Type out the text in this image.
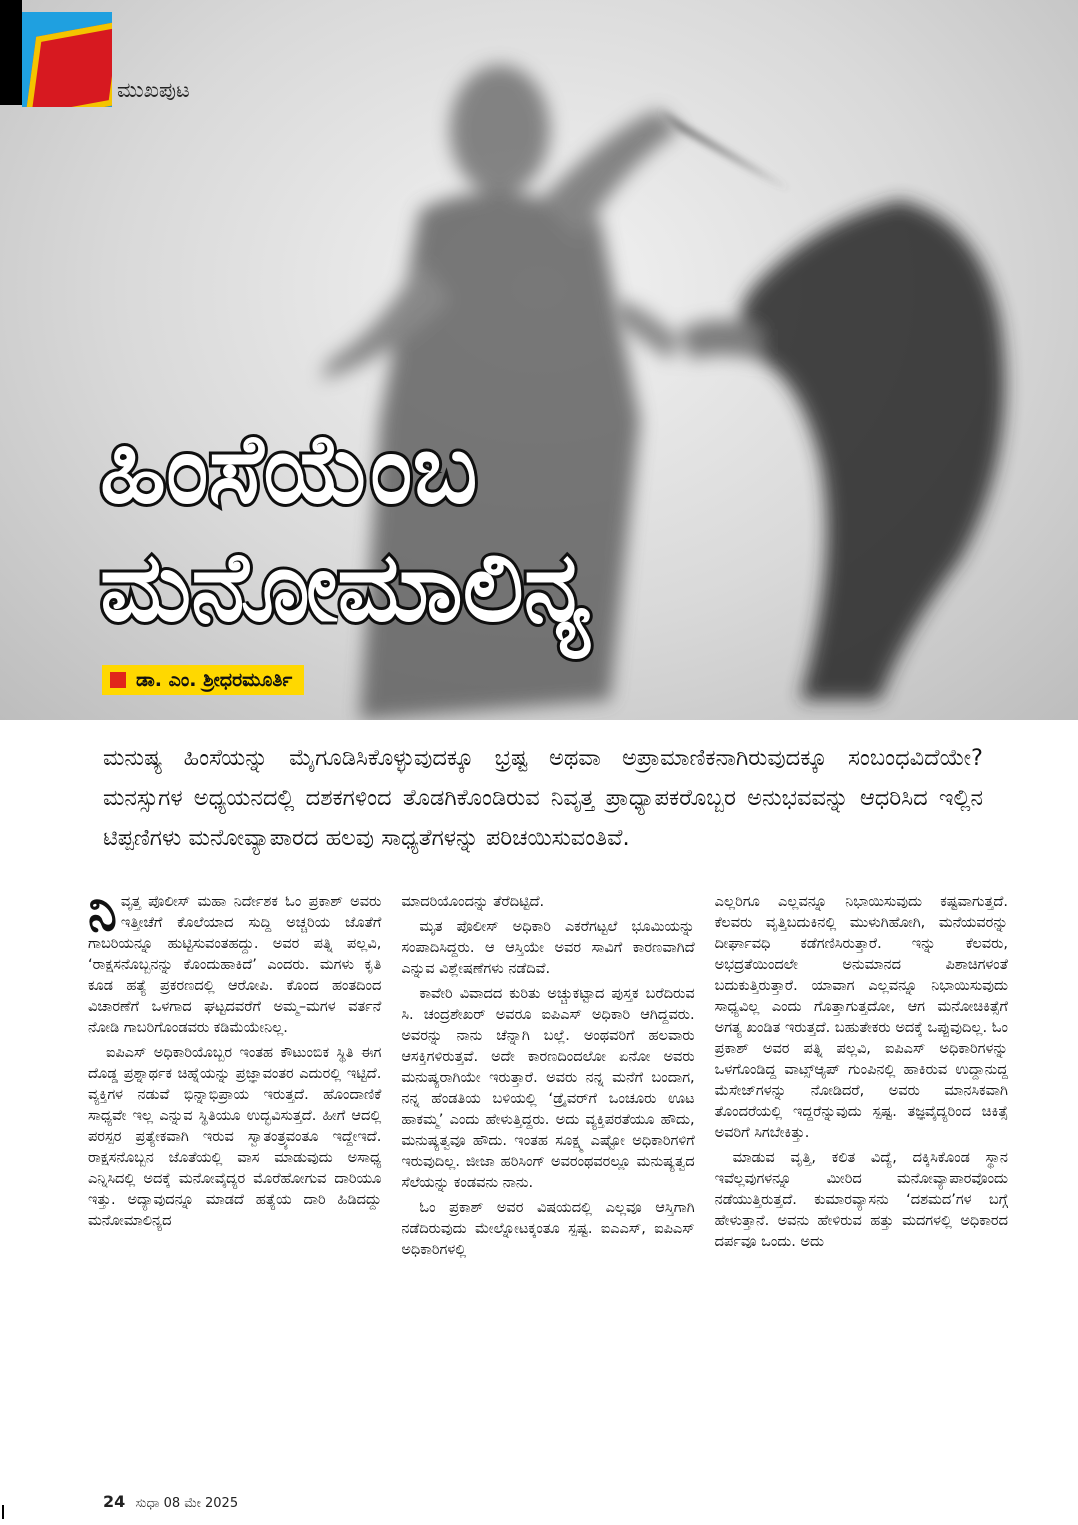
ಮುಖಪುಟ
ಹಿಂಸೆಯೆಂಬ
ಮನೋಮಾಲಿನ್ಯ
ಡಾ. ಎಂ. ಶ್ರೀಧರಮೂರ್ತಿ

ಮನುಷ್ಯ ಹಿಂಸೆಯನ್ನು ಮೈಗೂಡಿಸಿಕೊಳ್ಳುವುದಕ್ಕೂ ಭ್ರಷ್ಟ ಅಥವಾ ಅಪ್ರಾಮಾಣಿಕನಾಗಿರುವುದಕ್ಕೂ ಸಂಬಂಧವಿದೆಯೇ? ಮನಸ್ಸುಗಳ ಅಧ್ಯಯನದಲ್ಲಿ ದಶಕಗಳಿಂದ ತೊಡಗಿಕೊಂಡಿರುವ ನಿವೃತ್ತ ಪ್ರಾಧ್ಯಾಪಕರೊಬ್ಬರ ಅನುಭವವನ್ನು ಆಧರಿಸಿದ ಇಲ್ಲಿನ ಟಿಪ್ಪಣಿಗಳು ಮನೋವ್ಯಾಪಾರದ ಹಲವು ಸಾಧ್ಯತೆಗಳನ್ನು ಪರಿಚಯಿಸುವಂತಿವೆ.

ನಿವೃತ್ತ ಪೊಲೀಸ್ ಮಹಾ ನಿರ್ದೇಶಕ ಓಂ ಪ್ರಕಾಶ್ ಅವರು ಇತ್ತೀಚೆಗೆ ಕೊಲೆಯಾದ ಸುದ್ದಿ ಅಚ್ಚರಿಯ ಜೊತೆಗೆ ಗಾಬರಿಯನ್ನೂ ಹುಟ್ಟಿಸುವಂತಹದ್ದು. ಅವರ ಪತ್ನಿ ಪಲ್ಲವಿ, ‘ರಾಕ್ಷಸನೊಬ್ಬನನ್ನು ಕೊಂದುಹಾಕಿದೆ’ ಎಂದರು. ಮಗಳು ಕೃತಿ ಕೂಡ ಹತ್ಯೆ ಪ್ರಕರಣದಲ್ಲಿ ಆರೋಪಿ. ಕೊಂದ ಹಂತದಿಂದ ವಿಚಾರಣೆಗೆ ಒಳಗಾದ ಘಟ್ಟದವರೆಗೆ ಅಮ್ಮ–ಮಗಳ ವರ್ತನೆ ನೋಡಿ ಗಾಬರಿಗೊಂಡವರು ಕಡಿಮೆಯೇನಿಲ್ಲ.

ಐಪಿಎಸ್ ಅಧಿಕಾರಿಯೊಬ್ಬರ ಇಂತಹ ಕೌಟುಂಬಿಕ ಸ್ಥಿತಿ ಈಗ ದೊಡ್ಡ ಪ್ರಶ್ನಾರ್ಥಕ ಚಿಹ್ನೆಯನ್ನು ಪ್ರಜ್ಞಾವಂತರ ಎದುರಲ್ಲಿ ಇಟ್ಟಿದೆ. ವ್ಯಕ್ತಿಗಳ ನಡುವೆ ಭಿನ್ನಾಭಿಪ್ರಾಯ ಇರುತ್ತದೆ. ಹೊಂದಾಣಿಕೆ ಸಾಧ್ಯವೇ ಇಲ್ಲ ಎನ್ನುವ ಸ್ಥಿತಿಯೂ ಉದ್ಭವಿಸುತ್ತದೆ. ಹೀಗೆ ಆದಲ್ಲಿ ಪರಸ್ಪರ ಪ್ರತ್ಯೇಕವಾಗಿ ಇರುವ ಸ್ವಾತಂತ್ರ್ಯವಂತೂ ಇದ್ದೇಇದೆ. ರಾಕ್ಷಸನೊಬ್ಬನ ಜೊತೆಯಲ್ಲಿ ವಾಸ ಮಾಡುವುದು ಅಸಾಧ್ಯ ಎನ್ನಿಸಿದಲ್ಲಿ ಅದಕ್ಕೆ ಮನೋವೈದ್ಯರ ಮೊರೆಹೋಗುವ ದಾರಿಯೂ ಇತ್ತು. ಅದ್ಯಾವುದನ್ನೂ ಮಾಡದೆ ಹತ್ಯೆಯ ದಾರಿ ಹಿಡಿದದ್ದು ಮನೋಮಾಲಿನ್ಯದ

ಮಾದರಿಯೊಂದನ್ನು ತೆರೆದಿಟ್ಟಿದೆ.

ಮೃತ ಪೊಲೀಸ್ ಅಧಿಕಾರಿ ಎಕರೆಗಟ್ಟಲೆ ಭೂಮಿಯನ್ನು ಸಂಪಾದಿಸಿದ್ದರು. ಆ ಆಸ್ತಿಯೇ ಅವರ ಸಾವಿಗೆ ಕಾರಣವಾಗಿದೆ ಎನ್ನುವ ವಿಶ್ಲೇಷಣೆಗಳು ನಡೆದಿವೆ.

ಕಾವೇರಿ ವಿವಾದದ ಕುರಿತು ಅಚ್ಚುಕಟ್ಟಾದ ಪುಸ್ತಕ ಬರೆದಿರುವ ಸಿ. ಚಂದ್ರಶೇಖರ್ ಅವರೂ ಐಪಿಎಸ್ ಅಧಿಕಾರಿ ಆಗಿದ್ದವರು. ಅವರನ್ನು ನಾನು ಚೆನ್ನಾಗಿ ಬಲ್ಲೆ. ಅಂಥವರಿಗೆ ಹಲವಾರು ಆಸಕ್ತಿಗಳಿರುತ್ತವೆ. ಅದೇ ಕಾರಣದಿಂದಲೋ ಏನೋ ಅವರು ಮನುಷ್ಯರಾಗಿಯೇ ಇರುತ್ತಾರೆ. ಅವರು ನನ್ನ ಮನೆಗೆ ಬಂದಾಗ, ನನ್ನ ಹೆಂಡತಿಯ ಬಳಿಯಲ್ಲಿ ‘ಡ್ರೈವರ್‌ಗೆ ಒಂಚೂರು ಊಟ ಹಾಕಮ್ಮ’ ಎಂದು ಹೇಳುತ್ತಿದ್ದರು. ಅದು ವ್ಯಕ್ತಿಪರತೆಯೂ ಹೌದು, ಮನುಷ್ಯತ್ವವೂ ಹೌದು. ಇಂತಹ ಸೂಕ್ಷ್ಮ ಎಷ್ಟೋ ಅಧಿಕಾರಿಗಳಿಗೆ ಇರುವುದಿಲ್ಲ. ಜೀಜಾ ಹರಿಸಿಂಗ್ ಅವರಂಥವರಲ್ಲೂ ಮನುಷ್ಯತ್ವದ ಸೆಲೆಯನ್ನು ಕಂಡವನು ನಾನು.

ಓಂ ಪ್ರಕಾಶ್ ಅವರ ವಿಷಯದಲ್ಲಿ ಎಲ್ಲವೂ ಆಸ್ತಿಗಾಗಿ ನಡೆದಿರುವುದು ಮೇಲ್ನೋಟಕ್ಕಂತೂ ಸ್ಪಷ್ಟ. ಐಎಎಸ್, ಐಪಿಎಸ್ ಅಧಿಕಾರಿಗಳಲ್ಲಿ

ಎಲ್ಲರಿಗೂ ಎಲ್ಲವನ್ನೂ ನಿಭಾಯಿಸುವುದು ಕಷ್ಟವಾಗುತ್ತದೆ. ಕೆಲವರು ವೃತ್ತಿಬದುಕಿನಲ್ಲಿ ಮುಳುಗಿಹೋಗಿ, ಮನೆಯವರನ್ನು ದೀರ್ಘಾವಧಿ ಕಡೆಗಣಿಸಿರುತ್ತಾರೆ. ಇನ್ನು ಕೆಲವರು, ಅಭದ್ರತೆಯಿಂದಲೇ ಅನುಮಾನದ ಪಿಶಾಚಿಗಳಂತೆ ಬದುಕುತ್ತಿರುತ್ತಾರೆ. ಯಾವಾಗ ಎಲ್ಲವನ್ನೂ ನಿಭಾಯಿಸುವುದು ಸಾಧ್ಯವಿಲ್ಲ ಎಂದು ಗೊತ್ತಾಗುತ್ತದೋ, ಆಗ ಮನೋಚಿಕಿತ್ಸೆಗೆ ಅಗತ್ಯ ಖಂಡಿತ ಇರುತ್ತದೆ. ಬಹುತೇಕರು ಅದಕ್ಕೆ ಒಪ್ಪುವುದಿಲ್ಲ. ಓಂ ಪ್ರಕಾಶ್ ಅವರ ಪತ್ನಿ ಪಲ್ಲವಿ, ಐಪಿಎಸ್ ಅಧಿಕಾರಿಗಳನ್ನು ಒಳಗೊಂಡಿದ್ದ ವಾಟ್ಸ್‌ಆ್ಯಪ್ ಗುಂಪಿನಲ್ಲಿ ಹಾಕಿರುವ ಉದ್ದಾನುದ್ದ ಮೆಸೇಜ್‌ಗಳನ್ನು ನೋಡಿದರೆ, ಅವರು ಮಾನಸಿಕವಾಗಿ ತೊಂದರೆಯಲ್ಲಿ ಇದ್ದರೆನ್ನುವುದು ಸ್ಪಷ್ಟ. ತಜ್ಞವೈದ್ಯರಿಂದ ಚಿಕಿತ್ಸೆ ಅವರಿಗೆ ಸಿಗಬೇಕಿತ್ತು.

ಮಾಡುವ ವೃತ್ತಿ, ಕಲಿತ ವಿದ್ಯೆ, ದಕ್ಕಿಸಿಕೊಂಡ ಸ್ಥಾನ ಇವೆಲ್ಲವುಗಳನ್ನೂ ಮೀರಿದ ಮನೋವ್ಯಾಪಾರವೊಂದು ನಡೆಯುತ್ತಿರುತ್ತದೆ. ಕುಮಾರವ್ಯಾಸನು ‘ದಶಮದ’ಗಳ ಬಗ್ಗೆ ಹೇಳುತ್ತಾನೆ. ಅವನು ಹೇಳಿರುವ ಹತ್ತು ಮದಗಳಲ್ಲಿ ಅಧಿಕಾರದ ದರ್ಪವೂ ಒಂದು. ಅದು

24 ಸುಧಾ 08 ಮೇ 2025
